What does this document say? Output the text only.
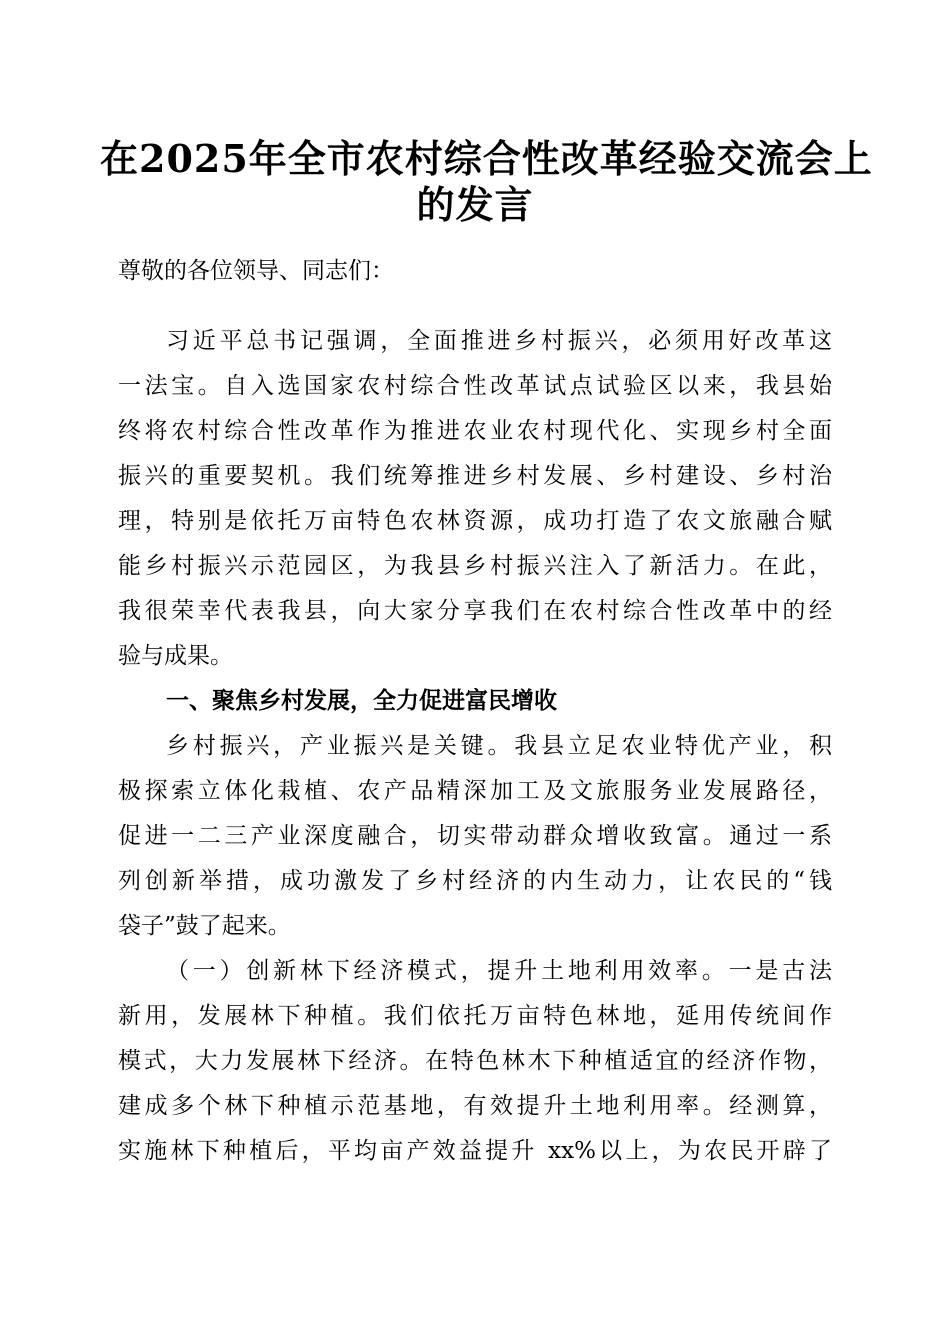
在2025年全市农村综合性改革经验交流会上
的发言
尊敬的各位领导、同志们：
习近平总书记强调，全面推进乡村振兴，必须用好改革这
一法宝。自入选国家农村综合性改革试点试验区以来，我县始
终将农村综合性改革作为推进农业农村现代化、实现乡村全面
振兴的重要契机。我们统筹推进乡村发展、乡村建设、乡村治
理，特别是依托万亩特色农林资源，成功打造了农文旅融合赋
能乡村振兴示范园区，为我县乡村振兴注入了新活力。在此，
我很荣幸代表我县，向大家分享我们在农村综合性改革中的经
验与成果。
一、聚焦乡村发展，全力促进富民增收
乡村振兴，产业振兴是关键。我县立足农业特优产业，积
极探索立体化栽植、农产品精深加工及文旅服务业发展路径，
促进一二三产业深度融合，切实带动群众增收致富。通过一系
列创新举措，成功激发了乡村经济的内生动力，让农民的“钱
袋子”鼓了起来。
（一）创新林下经济模式，提升土地利用效率。一是古法
新用，发展林下种植。我们依托万亩特色林地，延用传统间作
模式，大力发展林下经济。在特色林木下种植适宜的经济作物，
建成多个林下种植示范基地，有效提升土地利用率。经测算，
实施林下种植后，平均亩产效益提升 xx%以上，为农民开辟了
